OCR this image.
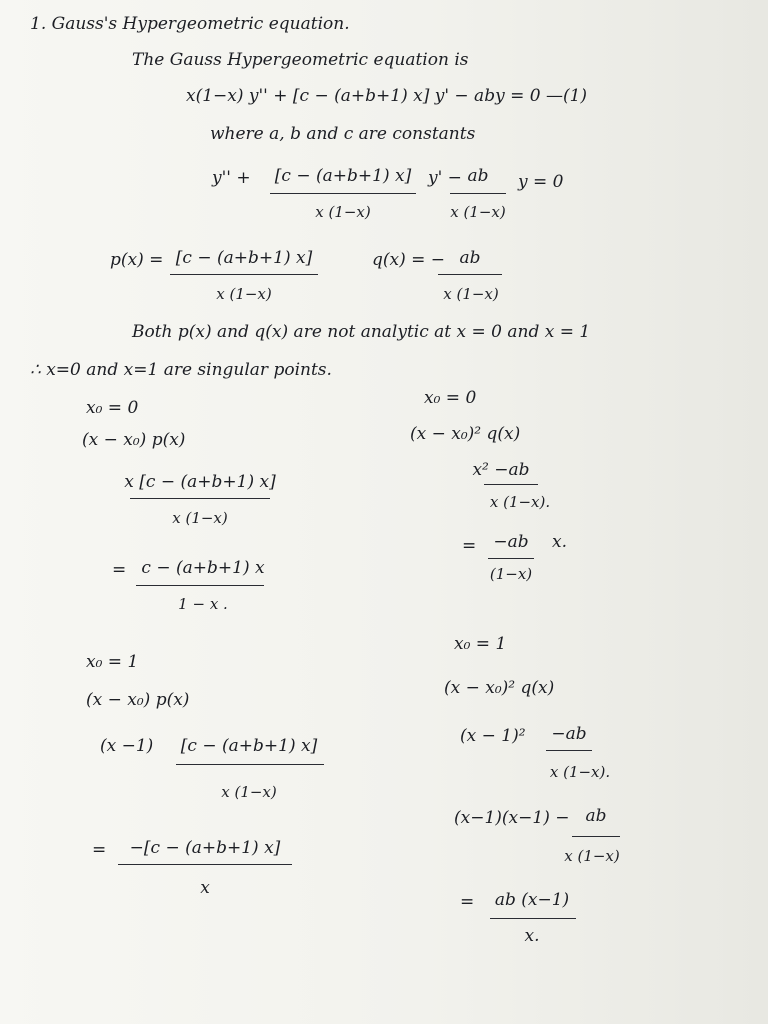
1. Gauss's Hypergeometric equation.
The Gauss Hypergeometric equation is
x(1−x) y'' + [c − (a+b+1) x] y' − aby = 0 —(1)
where a, b and c are constants
y'' +	[c − (a+b+1) x]
x (1−x)
y' − ab
x (1−x)
y = 0
p(x) = [c − (a+b+1) x]
x (1−x)
q(x) = − ab
x (1−x)
Both p(x) and q(x) are not analytic at x = 0 and x = 1
∴ x=0 and x=1 are singular points.
x₀ = 0
(x − x₀) p(x)
x [c − (a+b+1) x]
x (1−x)
= c − (a+b+1) x
1 − x .
x₀ = 0
(x − x₀)² q(x)
x² −ab
x (1−x).
=	−ab	x.
(1−x)
x₀ = 1
(x − x₀) p(x)
(x −1)	[c − (a+b+1) x]
x (1−x)
=	−[c − (a+b+1) x]
x
x₀ = 1
(x − x₀)² q(x)
(x − 1)²	−ab
x (1−x).
(x−1)(x−1) − ab
x (1−x)
=	ab (x−1)
x.
